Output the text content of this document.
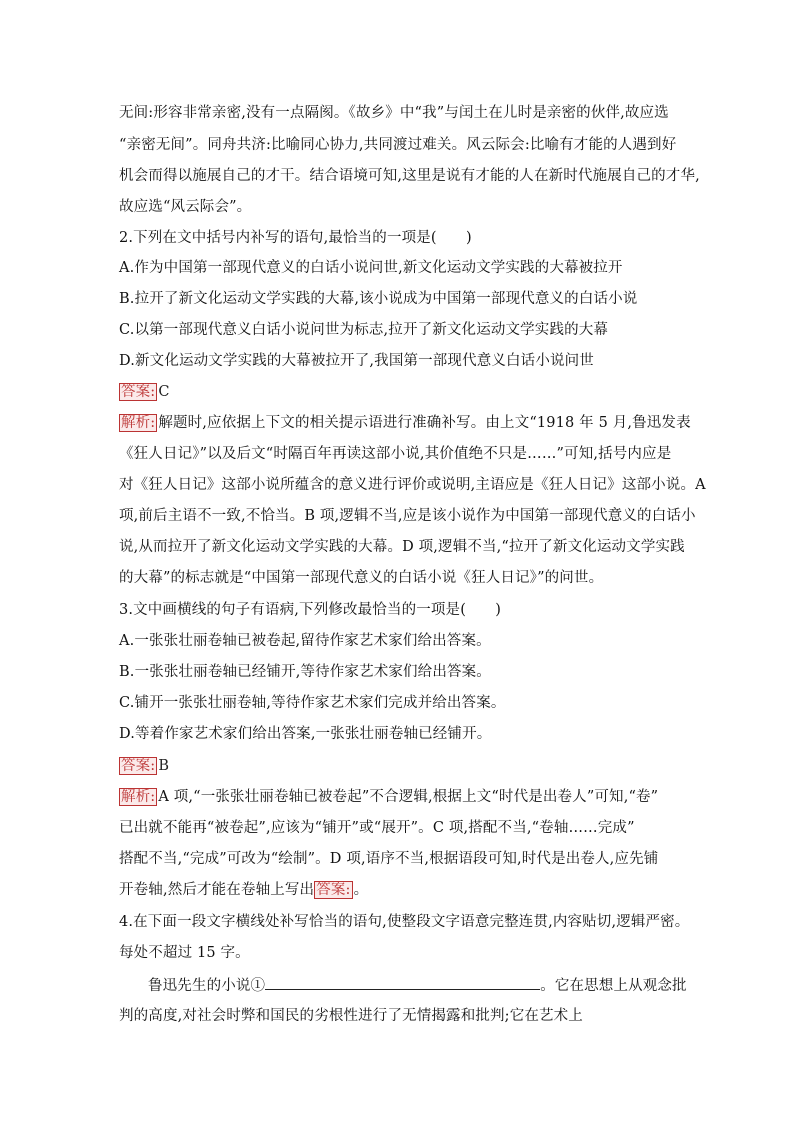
无间:形容非常亲密,没有一点隔阂。《故乡》中“我”与闰土在儿时是亲密的伙伴,故应选
“亲密无间”。同舟共济:比喻同心协力,共同渡过难关。风云际会:比喻有才能的人遇到好
机会而得以施展自己的才干。结合语境可知,这里是说有才能的人在新时代施展自己的才华,
故应选“风云际会”。
2.下列在文中括号内补写的语句,最恰当的一项是(　　)
A.作为中国第一部现代意义的白话小说问世,新文化运动文学实践的大幕被拉开
B.拉开了新文化运动文学实践的大幕,该小说成为中国第一部现代意义的白话小说
C.以第一部现代意义白话小说问世为标志,拉开了新文化运动文学实践的大幕
D.新文化运动文学实践的大幕被拉开了,我国第一部现代意义白话小说问世
答案: C
解析: 解题时,应依据上下文的相关提示语进行准确补写。由上文“1918 年 5 月,鲁迅发表
《狂人日记》”以及后文“时隔百年再读这部小说,其价值绝不只是……”可知,括号内应是
对《狂人日记》这部小说所蕴含的意义进行评价或说明,主语应是《狂人日记》这部小说。A
项,前后主语不一致,不恰当。B 项,逻辑不当,应是该小说作为中国第一部现代意义的白话小
说,从而拉开了新文化运动文学实践的大幕。D 项,逻辑不当,“拉开了新文化运动文学实践
的大幕”的标志就是“中国第一部现代意义的白话小说《狂人日记》”的问世。
3.文中画横线的句子有语病,下列修改最恰当的一项是(　　)
A.一张张壮丽卷轴已被卷起,留待作家艺术家们给出答案。
B.一张张壮丽卷轴已经铺开,等待作家艺术家们给出答案。
C.铺开一张张壮丽卷轴,等待作家艺术家们完成并给出答案。
D.等着作家艺术家们给出答案,一张张壮丽卷轴已经铺开。
答案: B
解析: A 项,“一张张壮丽卷轴已被卷起”不合逻辑,根据上文“时代是出卷人”可知,“卷”
已出就不能再“被卷起”,应该为“铺开”或“展开”。C 项,搭配不当,“卷轴……完成”
搭配不当,“完成”可改为“绘制”。D 项,语序不当,根据语段可知,时代是出卷人,应先铺
开卷轴,然后才能在卷轴上写出 答案: 。
4.在下面一段文字横线处补写恰当的语句,使整段文字语意完整连贯,内容贴切,逻辑严密。
每处不超过 15 字。
鲁迅先生的小说①	。它在思想上从观念批
判的高度,对社会时弊和国民的劣根性进行了无情揭露和批判;它在艺术上
